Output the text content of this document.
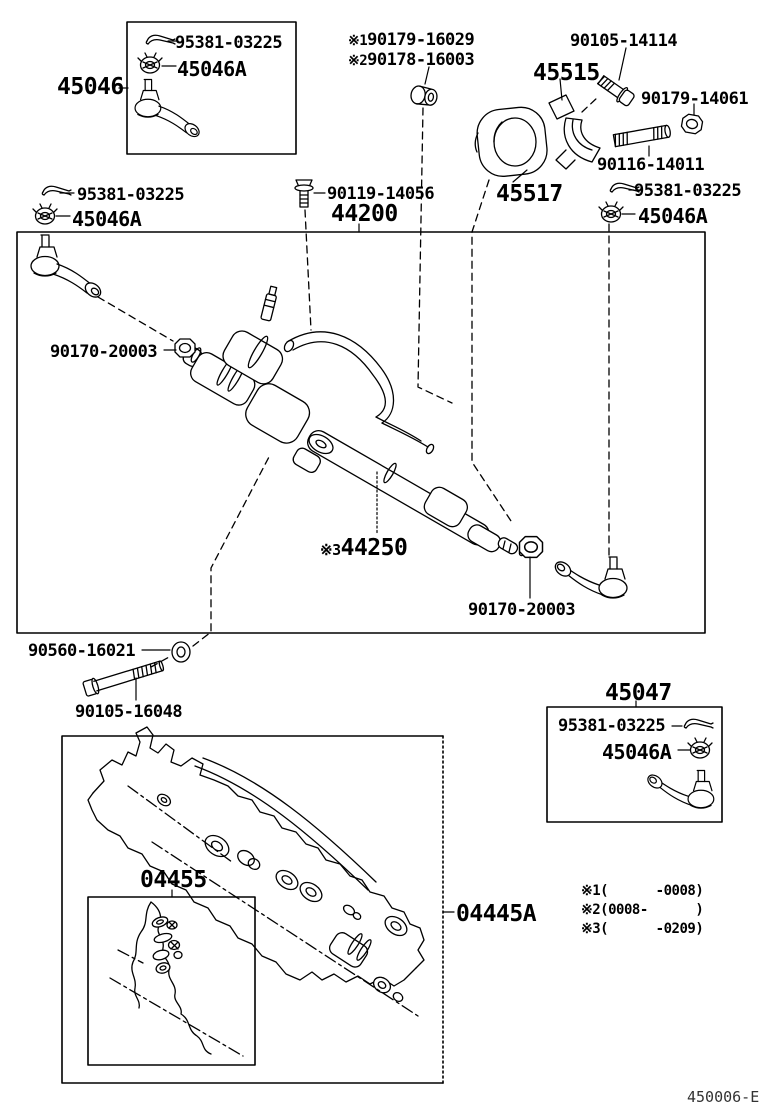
95381-03225
45046A
45046
※190179-16029
※290178-16003
90105-14114
45515
90179-14061
90116-14011
45517	95381-03225
45046A
95381-03225
45046A
90119-14056
44200
90170-20003
※344250
90170-20003
90560-16021
90105-16048
45047
95381-03225
45046A
04455
04445A
※1(      -0008)
※2(0008-      )
※3(      -0209)
450006-E
